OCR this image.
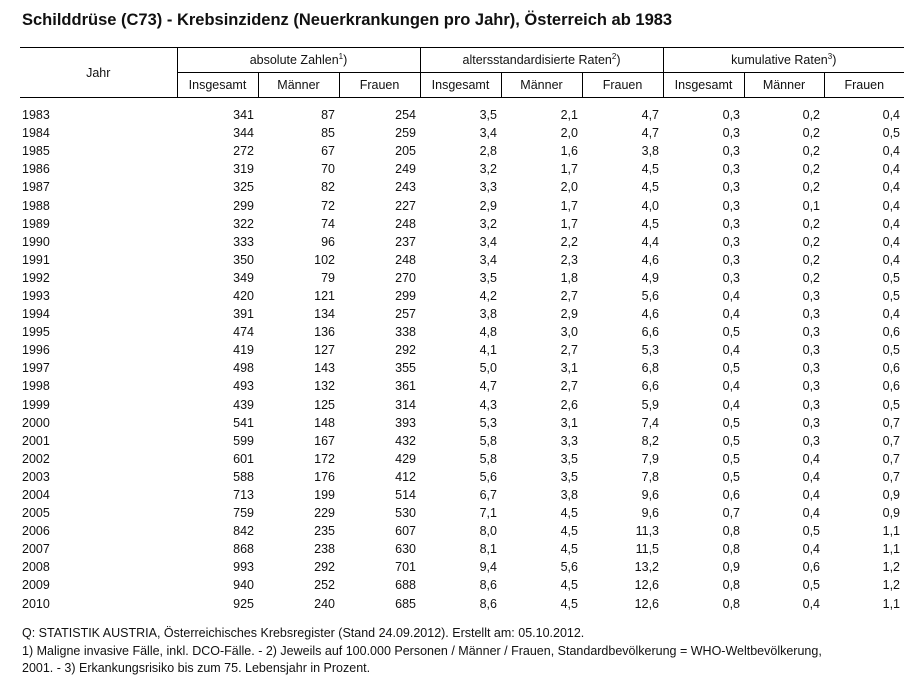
Schilddrüse (C73) - Krebsinzidenz (Neuerkrankungen pro Jahr), Österreich ab 1983
Jahr	absolute Zahlen$^1$)			altersstandardisierte Raten$^2$)			kumulative Raten$^3$)		
	Insgesamt	Männer	Frauen	Insgesamt	Männer	Frauen	Insgesamt	Männer	Frauen

1983	341	87	254	3,5	2,1	4,7	0,3	0,2	0,4
1984	344	85	259	3,4	2,0	4,7	0,3	0,2	0,5
1985	272	67	205	2,8	1,6	3,8	0,3	0,2	0,4
1986	319	70	249	3,2	1,7	4,5	0,3	0,2	0,4
1987	325	82	243	3,3	2,0	4,5	0,3	0,2	0,4
1988	299	72	227	2,9	1,7	4,0	0,3	0,1	0,4
1989	322	74	248	3,2	1,7	4,5	0,3	0,2	0,4
1990	333	96	237	3,4	2,2	4,4	0,3	0,2	0,4
1991	350	102	248	3,4	2,3	4,6	0,3	0,2	0,4
1992	349	79	270	3,5	1,8	4,9	0,3	0,2	0,5
1993	420	121	299	4,2	2,7	5,6	0,4	0,3	0,5
1994	391	134	257	3,8	2,9	4,6	0,4	0,3	0,4
1995	474	136	338	4,8	3,0	6,6	0,5	0,3	0,6
1996	419	127	292	4,1	2,7	5,3	0,4	0,3	0,5
1997	498	143	355	5,0	3,1	6,8	0,5	0,3	0,6
1998	493	132	361	4,7	2,7	6,6	0,4	0,3	0,6
1999	439	125	314	4,3	2,6	5,9	0,4	0,3	0,5
2000	541	148	393	5,3	3,1	7,4	0,5	0,3	0,7
2001	599	167	432	5,8	3,3	8,2	0,5	0,3	0,7
2002	601	172	429	5,8	3,5	7,9	0,5	0,4	0,7
2003	588	176	412	5,6	3,5	7,8	0,5	0,4	0,7
2004	713	199	514	6,7	3,8	9,6	0,6	0,4	0,9
2005	759	229	530	7,1	4,5	9,6	0,7	0,4	0,9
2006	842	235	607	8,0	4,5	11,3	0,8	0,5	1,1
2007	868	238	630	8,1	4,5	11,5	0,8	0,4	1,1
2008	993	292	701	9,4	5,6	13,2	0,9	0,6	1,2
2009	940	252	688	8,6	4,5	12,6	0,8	0,5	1,2
2010	925	240	685	8,6	4,5	12,6	0,8	0,4	1,1
Q: STATISTIK AUSTRIA, Österreichisches Krebsregister (Stand 24.09.2012). Erstellt am: 05.10.2012.
1) Maligne invasive Fälle, inkl. DCO-Fälle. - 2) Jeweils auf 100.000 Personen / Männer / Frauen, Standardbevölkerung = WHO-Weltbevölkerung,
2001. - 3) Erkankungsrisiko bis zum 75. Lebensjahr in Prozent.
